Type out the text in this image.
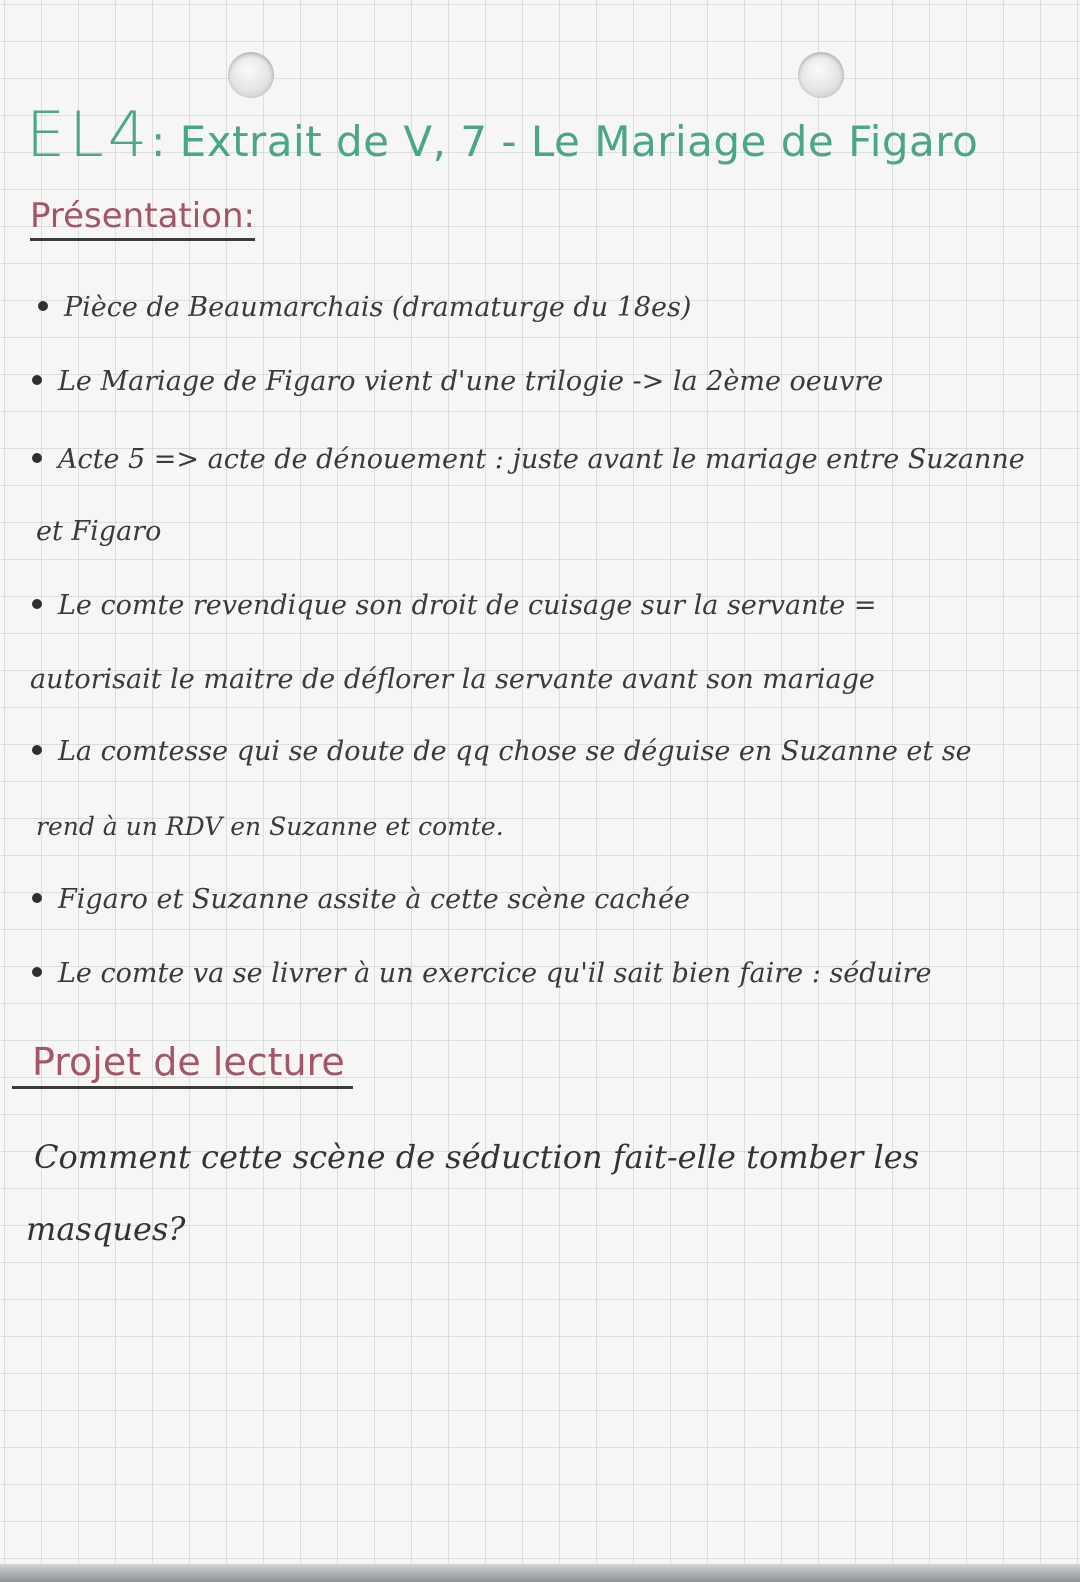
EL4: Extrait de V, 7 - Le Mariage de Figaro
Présentation:
Pièce de Beaumarchais (dramaturge du 18es)
Le Mariage de Figaro vient d'une trilogie -> la 2ème oeuvre
Acte 5 => acte de dénouement : juste avant le mariage entre Suzanne
et Figaro
Le comte revendique son droit de cuisage sur la servante =
autorisait le maitre de déflorer la servante avant son mariage
La comtesse qui se doute de qq chose se déguise en Suzanne et se
rend à un RDV en Suzanne et comte.
Figaro et Suzanne assite à cette scène cachée
Le comte va se livrer à un exercice qu'il sait bien faire : séduire
Projet de lecture
Comment cette scène de séduction fait-elle tomber les
masques?
